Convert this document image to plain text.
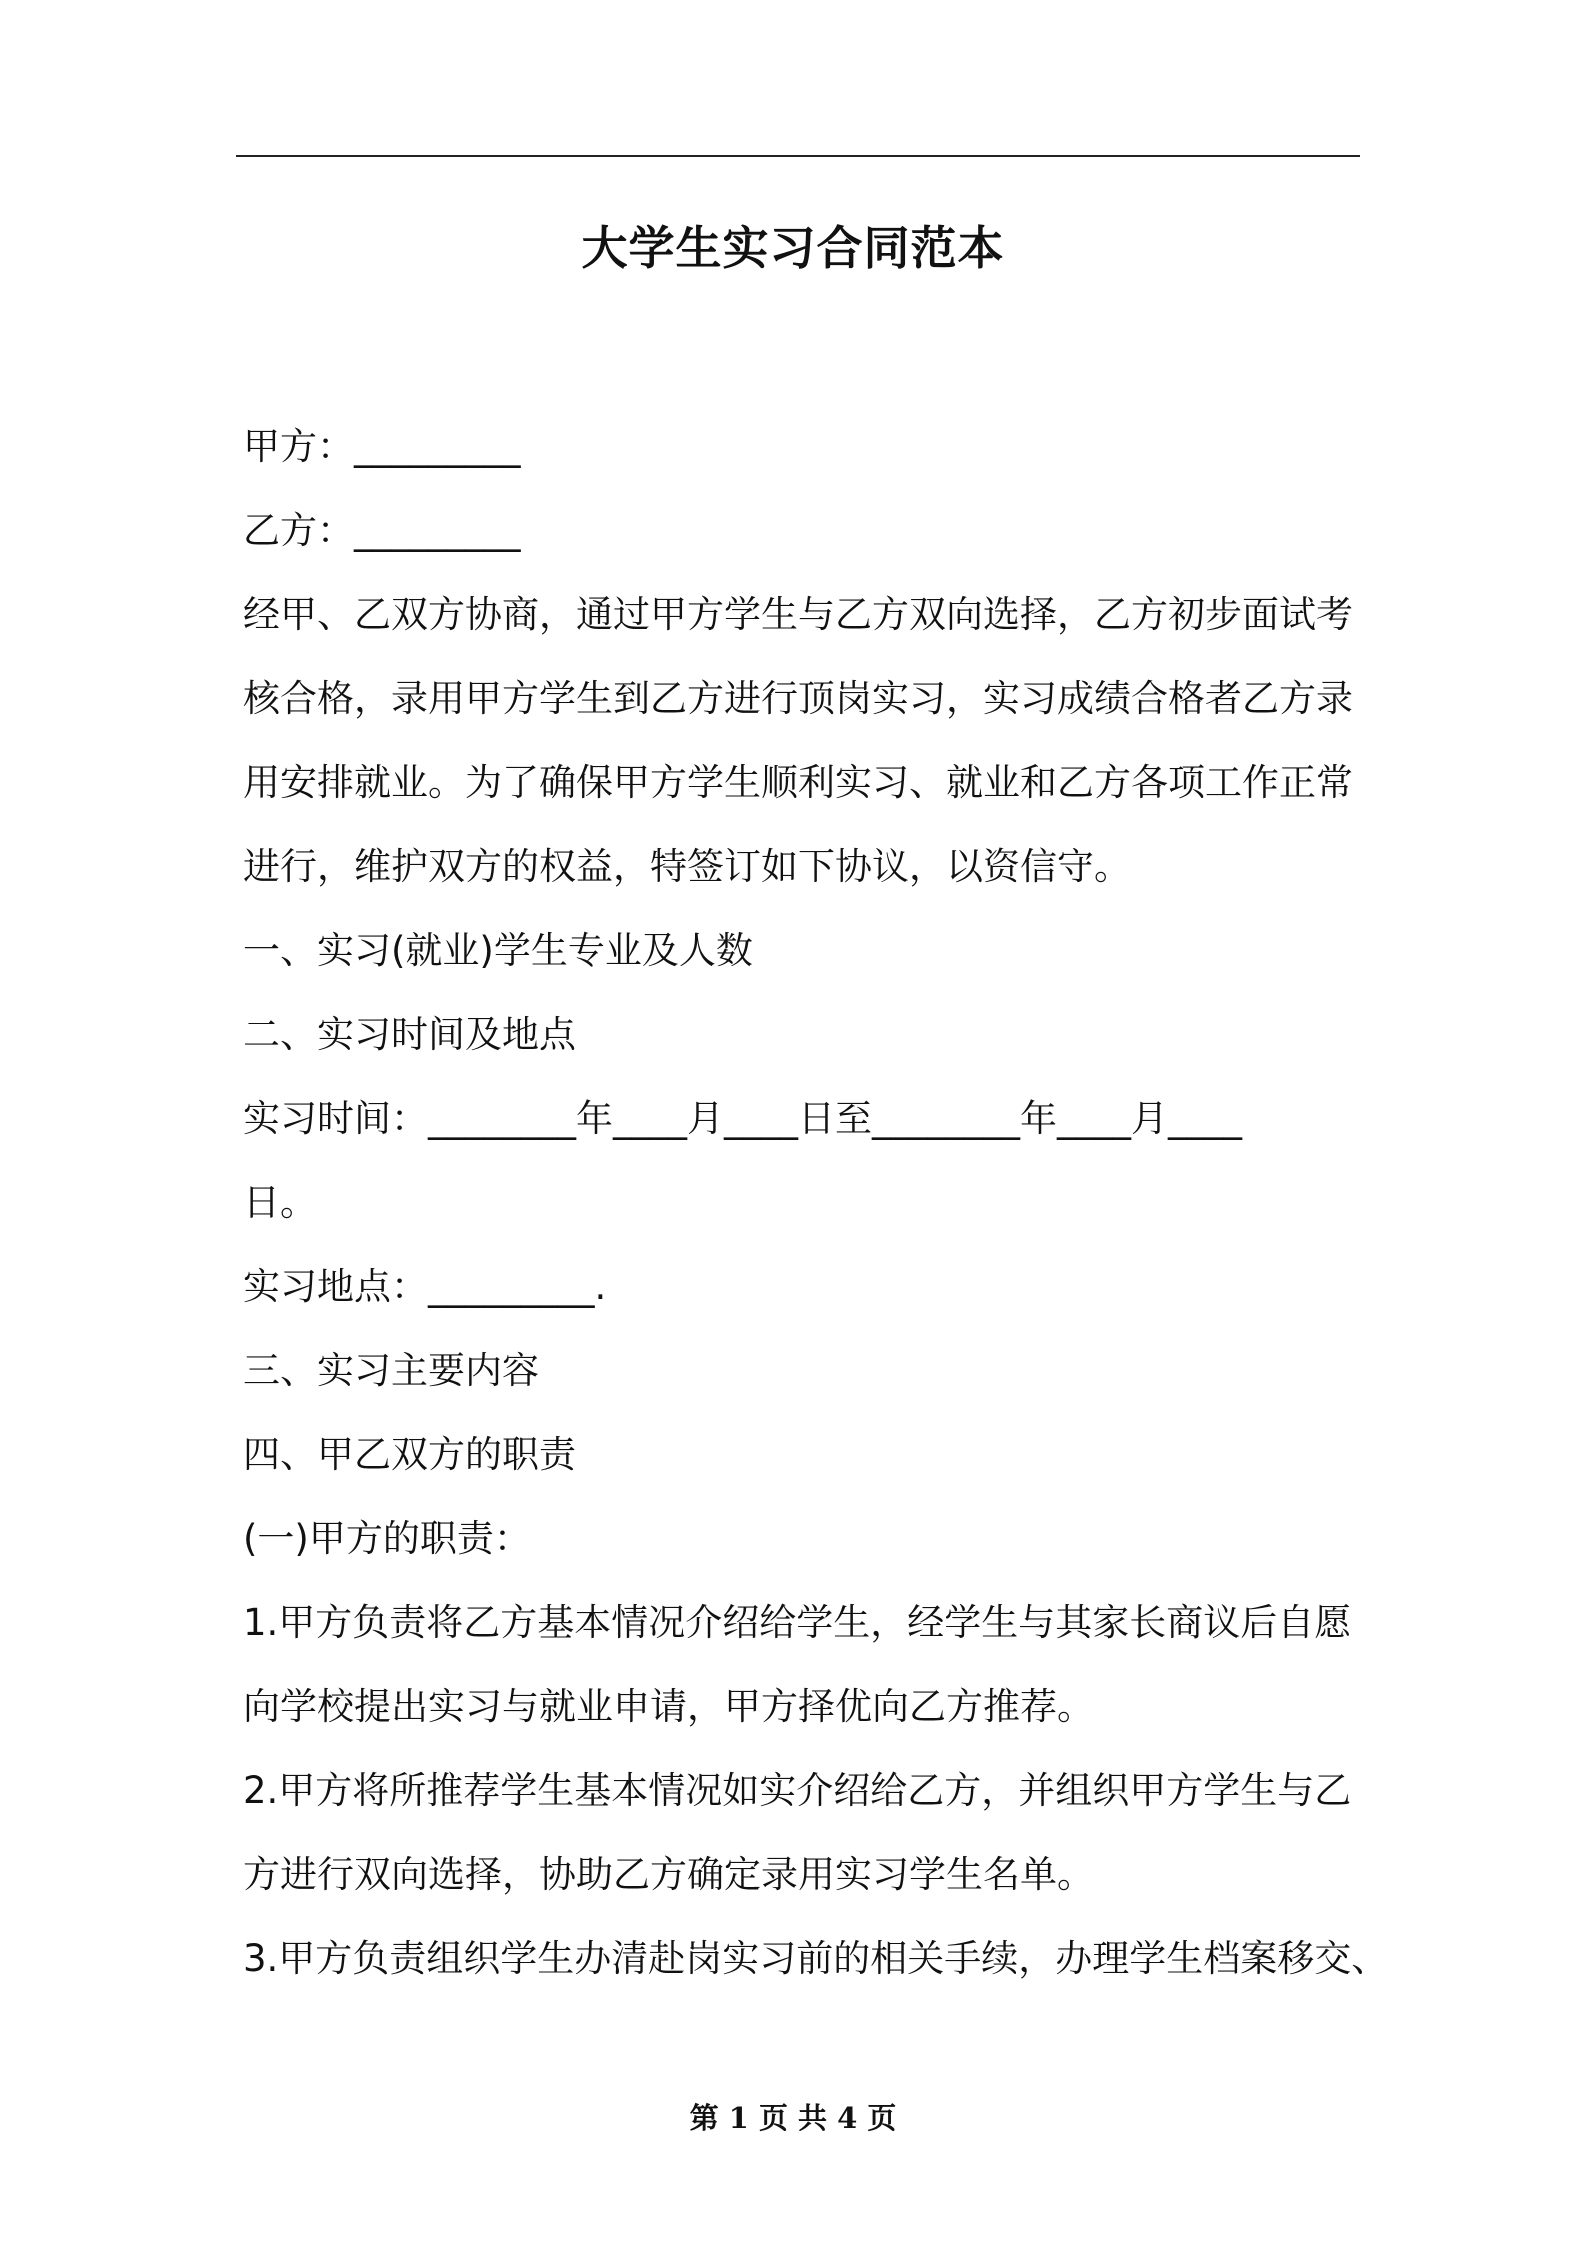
大学生实习合同范本
甲方：_________
乙方：_________
经甲、乙双方协商，通过甲方学生与乙方双向选择，乙方初步面试考
核合格，录用甲方学生到乙方进行顶岗实习，实习成绩合格者乙方录
用安排就业。为了确保甲方学生顺利实习、就业和乙方各项工作正常
进行，维护双方的权益，特签订如下协议，以资信守。
一、实习(就业)学生专业及人数
二、实习时间及地点
实习时间：________年____月____日至________年____月____
日。
实习地点：_________.
三、实习主要内容
四、甲乙双方的职责
(一)甲方的职责：
1.甲方负责将乙方基本情况介绍给学生，经学生与其家长商议后自愿
向学校提出实习与就业申请，甲方择优向乙方推荐。
2.甲方将所推荐学生基本情况如实介绍给乙方，并组织甲方学生与乙
方进行双向选择，协助乙方确定录用实习学生名单。
3.甲方负责组织学生办清赴岗实习前的相关手续，办理学生档案移交、
第 1 页 共 4 页
